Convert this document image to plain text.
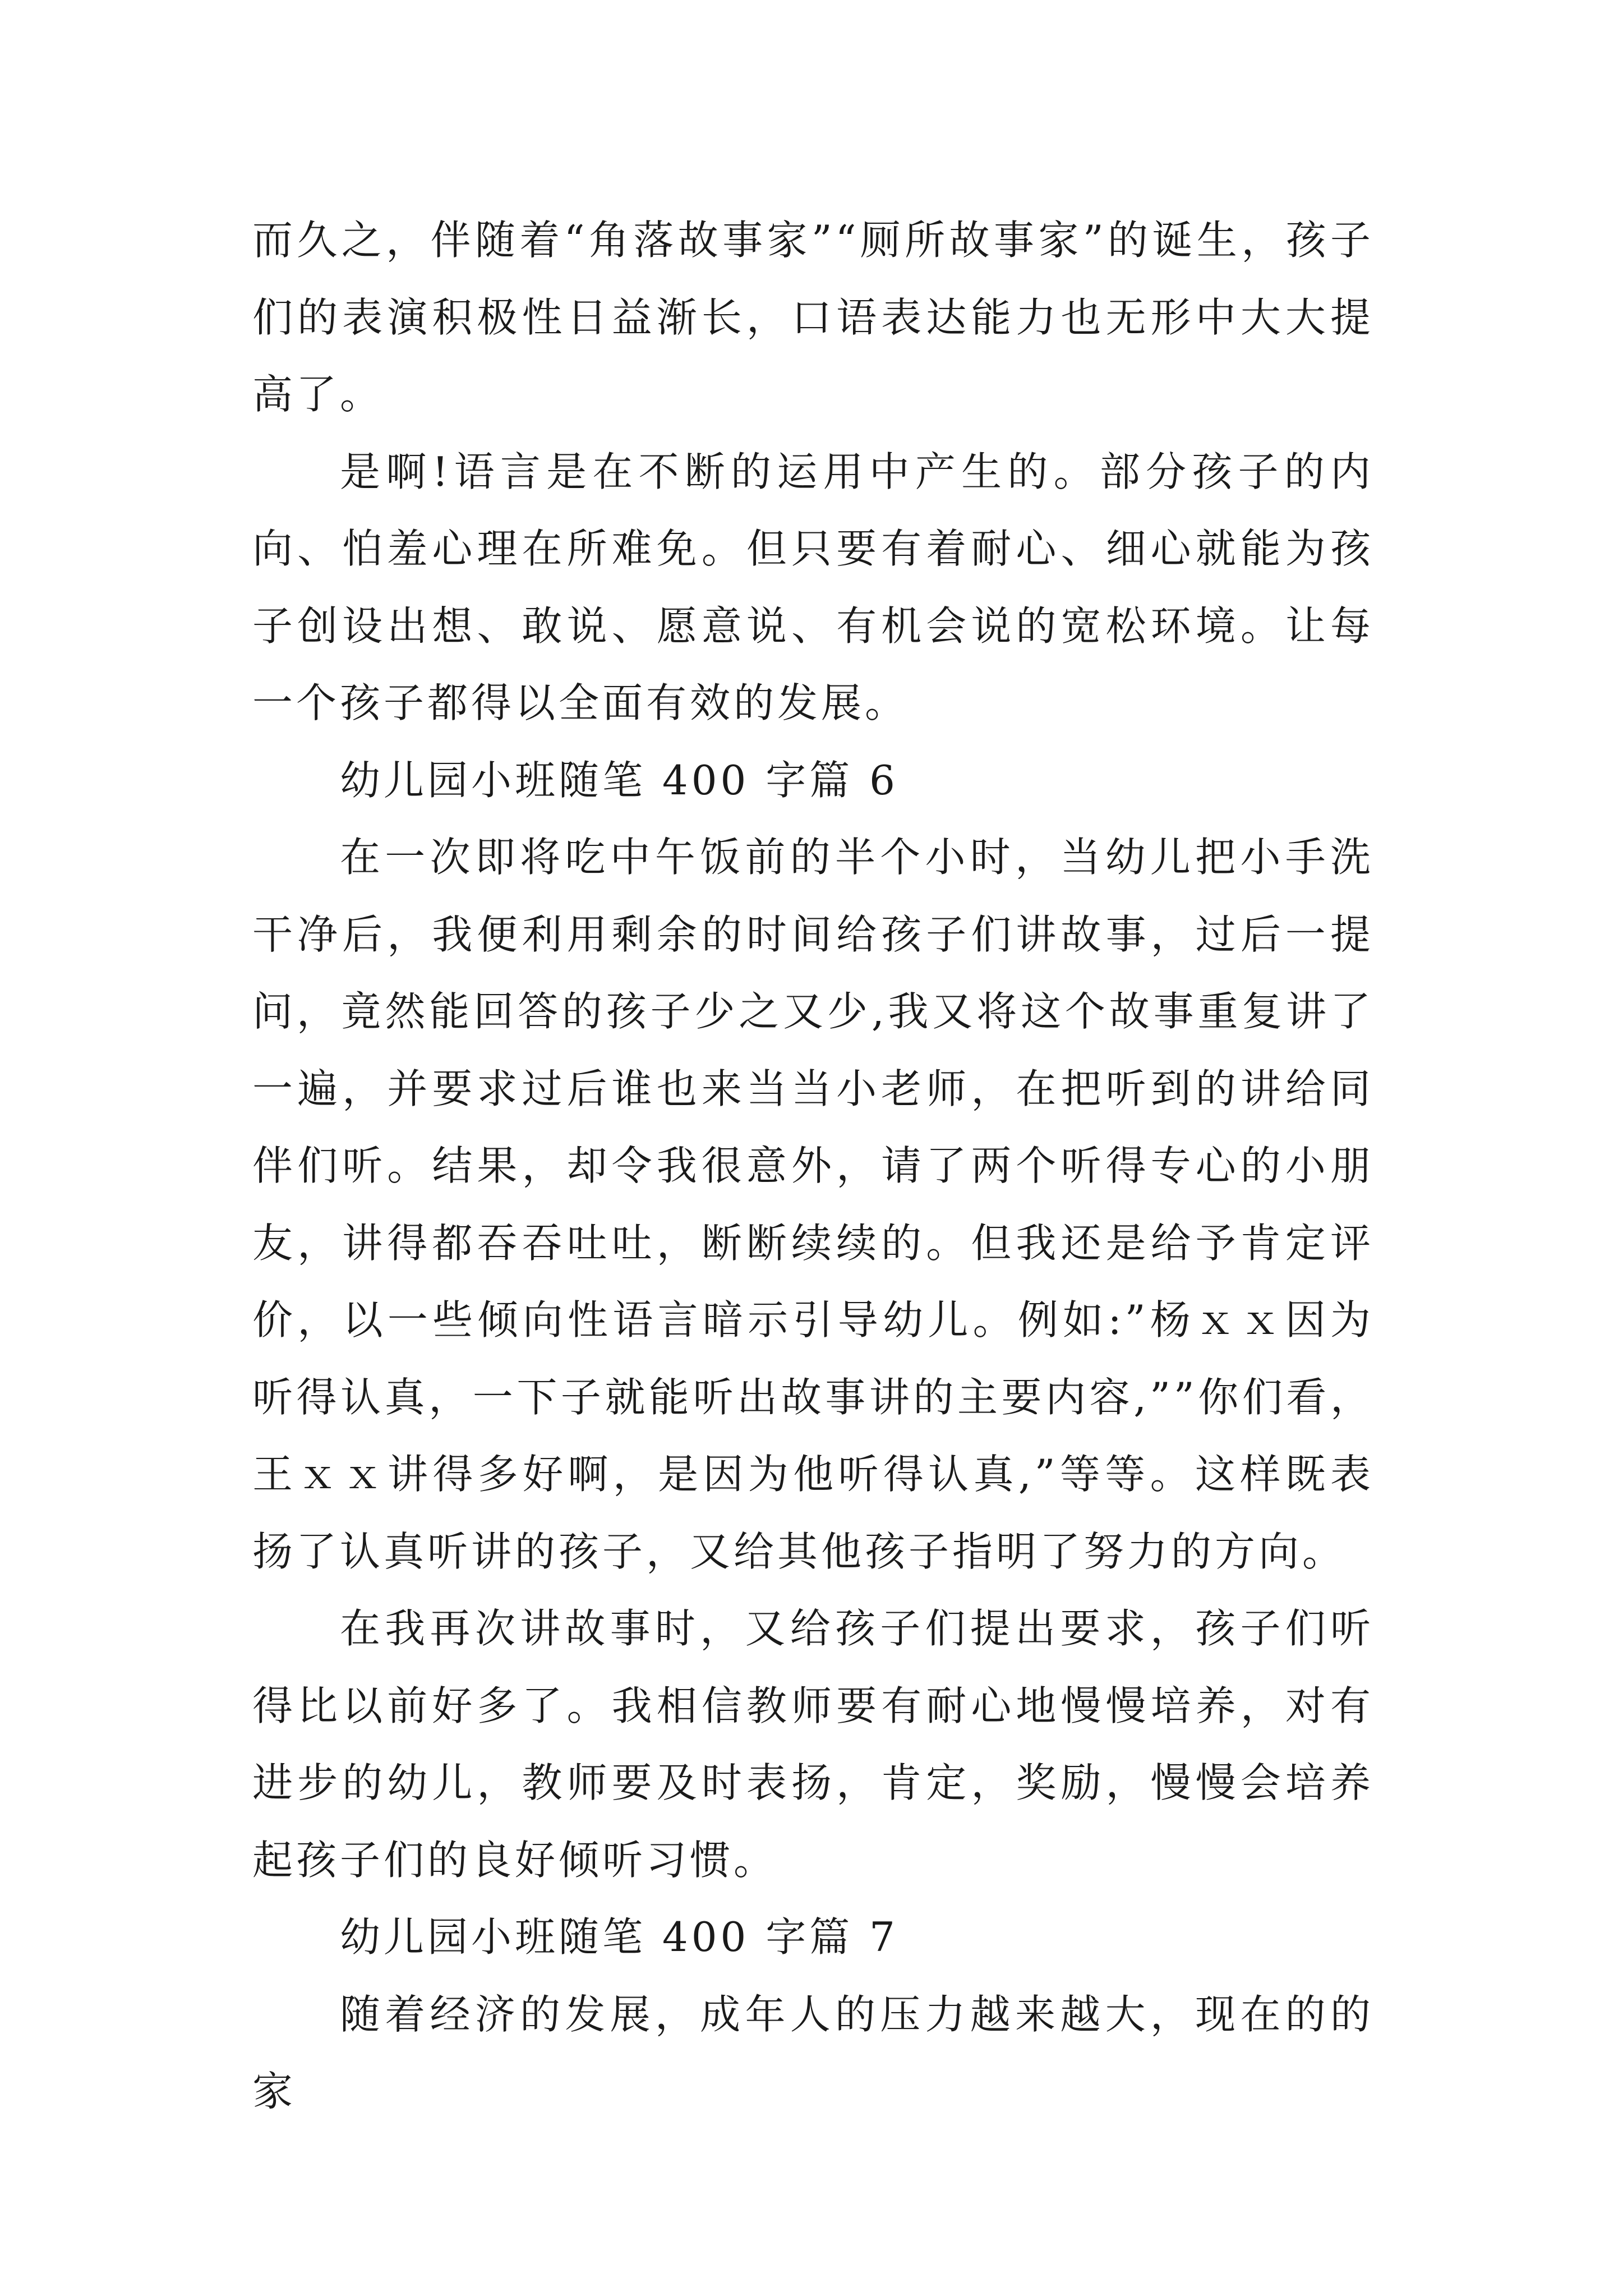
而久之，伴随着“角落故事家”“厕所故事家”的诞生，孩子们的表演积极性日益渐长，口语表达能力也无形中大大提高了。

是啊!语言是在不断的运用中产生的。部分孩子的内向、怕羞心理在所难免。但只要有着耐心、细心就能为孩子创设出想、敢说、愿意说、有机会说的宽松环境。让每一个孩子都得以全面有效的发展。

幼儿园小班随笔 400 字篇 6

在一次即将吃中午饭前的半个小时，当幼儿把小手洗干净后，我便利用剩余的时间给孩子们讲故事，过后一提问，竟然能回答的孩子少之又少,我又将这个故事重复讲了一遍，并要求过后谁也来当当小老师，在把听到的讲给同伴们听。结果，却令我很意外，请了两个听得专心的小朋友，讲得都吞吞吐吐，断断续续的。但我还是给予肯定评价，以一些倾向性语言暗示引导幼儿。例如:”杨ｘｘ因为听得认真，一下子就能听出故事讲的主要内容,””你们看，王ｘｘ讲得多好啊，是因为他听得认真,”等等。这样既表扬了认真听讲的孩子，又给其他孩子指明了努力的方向。

在我再次讲故事时，又给孩子们提出要求，孩子们听得比以前好多了。我相信教师要有耐心地慢慢培养，对有进步的幼儿，教师要及时表扬，肯定，奖励，慢慢会培养起孩子们的良好倾听习惯。

幼儿园小班随笔 400 字篇 7

随着经济的发展，成年人的压力越来越大，现在的的家
